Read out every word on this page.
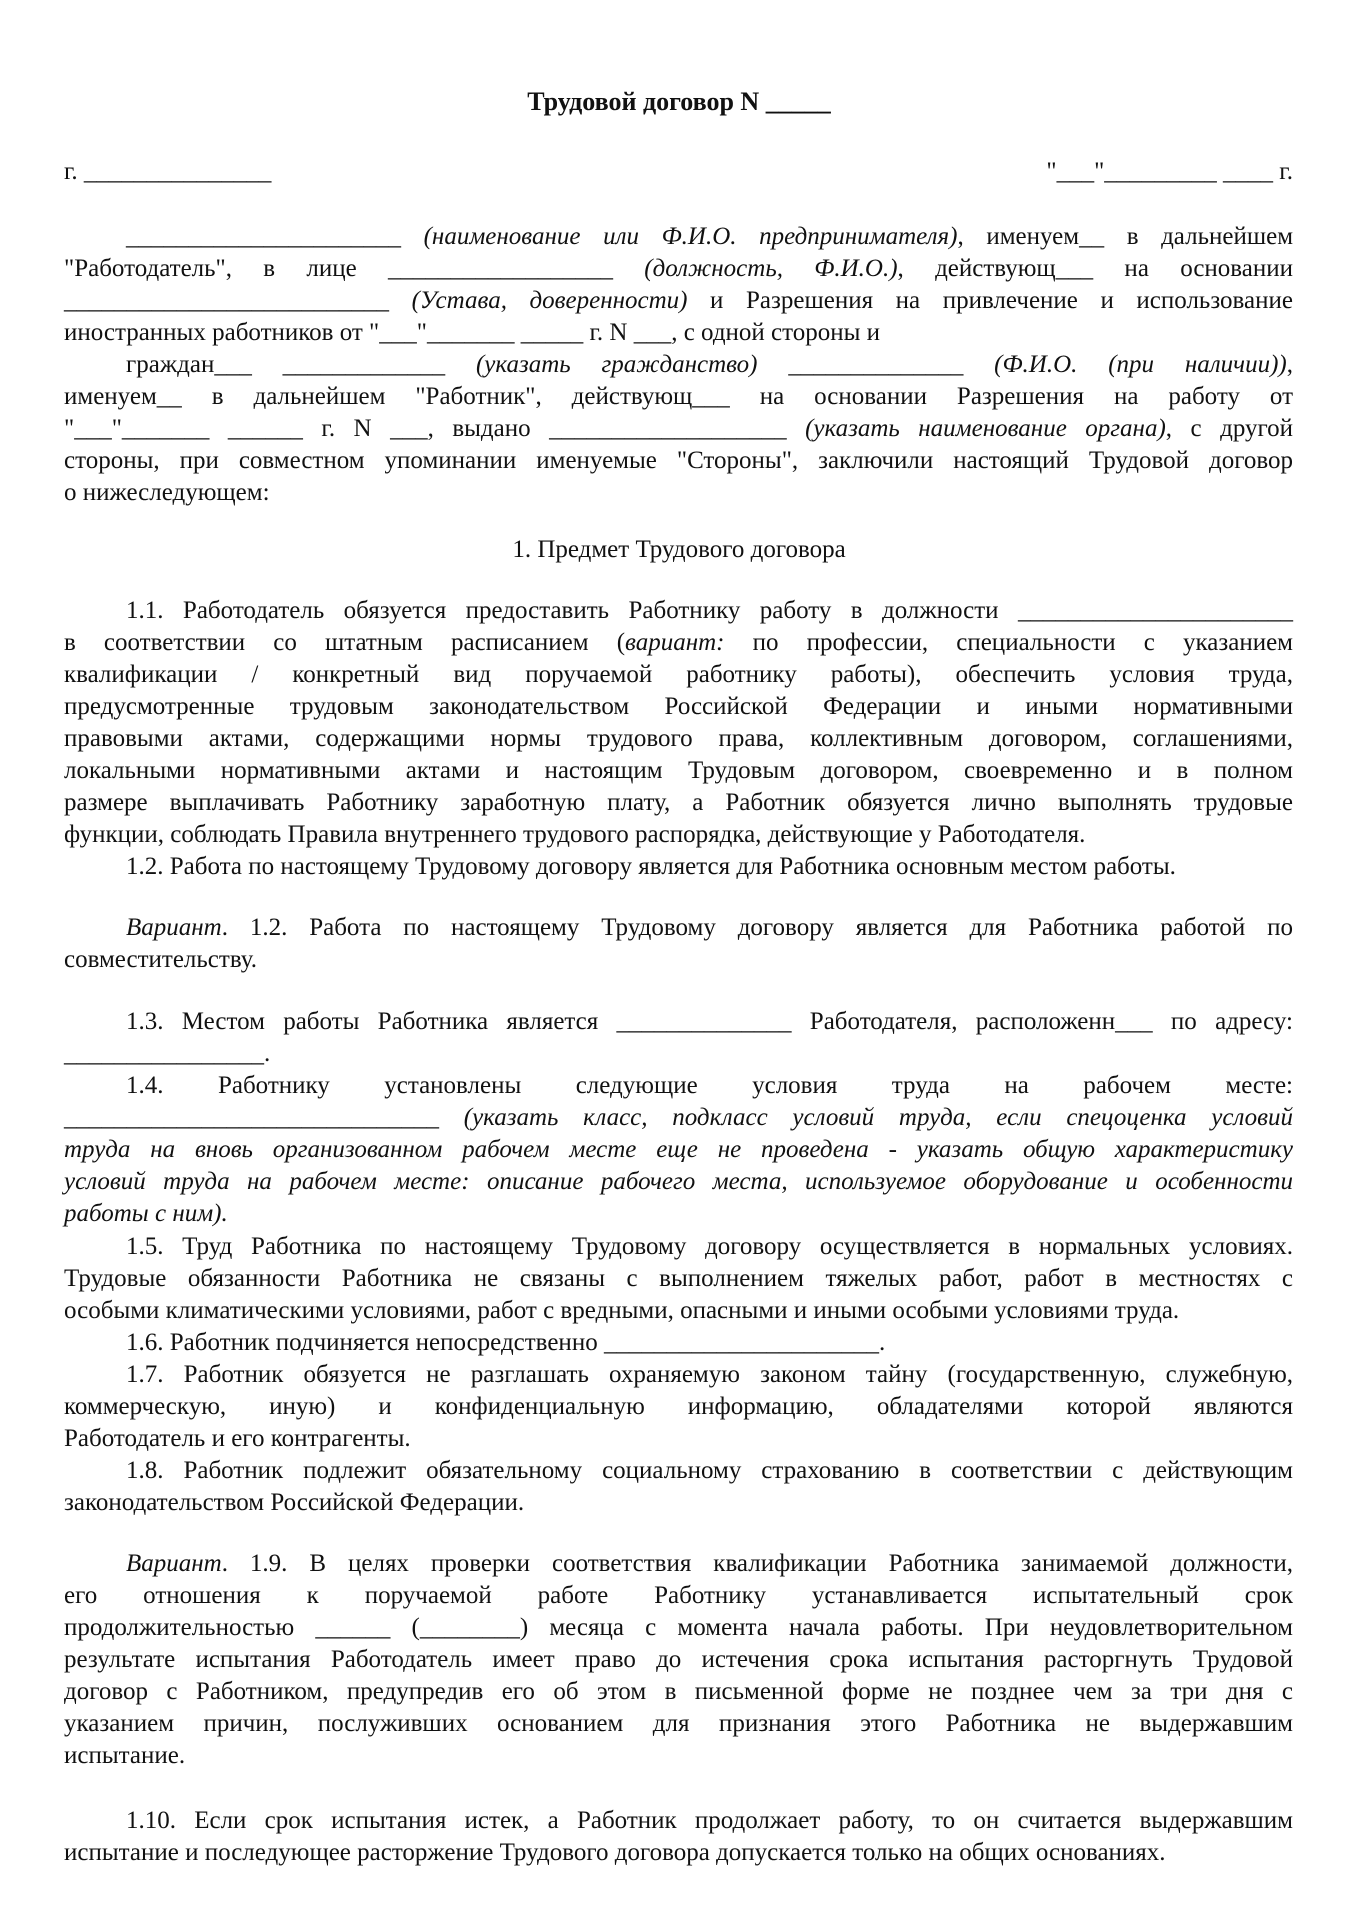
Трудовой договор N _____
г. _______________	"___"_________ ____ г.
______________________ (наименование или Ф.И.О. предпринимателя), именуем__ в дальнейшем
"Работодатель", в лице __________________ (должность, Ф.И.О.), действующ___ на основании
__________________________ (Устава, доверенности) и Разрешения на привлечение и использование
иностранных работников от "___"_______ _____ г. N ___, с одной стороны и
граждан___ _____________ (указать гражданство) ______________ (Ф.И.О. (при наличии)),
именуем__ в дальнейшем "Работник", действующ___ на основании Разрешения на работу от
"___"_______ ______ г. N ___, выдано ___________________ (указать наименование органа), с другой
стороны, при совместном упоминании именуемые "Стороны", заключили настоящий Трудовой договор
о нижеследующем:
1. Предмет Трудового договора
1.1. Работодатель обязуется предоставить Работнику работу в должности ______________________
в соответствии со штатным расписанием (вариант: по профессии, специальности с указанием
квалификации / конкретный вид поручаемой работнику работы), обеспечить условия труда,
предусмотренные трудовым законодательством Российской Федерации и иными нормативными
правовыми актами, содержащими нормы трудового права, коллективным договором, соглашениями,
локальными нормативными актами и настоящим Трудовым договором, своевременно и в полном
размере выплачивать Работнику заработную плату, а Работник обязуется лично выполнять трудовые
функции, соблюдать Правила внутреннего трудового распорядка, действующие у Работодателя.
1.2. Работа по настоящему Трудовому договору является для Работника основным местом работы.
Вариант. 1.2. Работа по настоящему Трудовому договору является для Работника работой по
совместительству.
1.3. Местом работы Работника является ______________ Работодателя, расположенн___ по адресу:
________________.
1.4. Работнику установлены следующие условия труда на рабочем месте:
______________________________ (указать класс, подкласс условий труда, если спецоценка условий
труда на вновь организованном рабочем месте еще не проведена - указать общую характеристику
условий труда на рабочем месте: описание рабочего места, используемое оборудование и особенности
работы с ним).
1.5. Труд Работника по настоящему Трудовому договору осуществляется в нормальных условиях.
Трудовые обязанности Работника не связаны с выполнением тяжелых работ, работ в местностях с
особыми климатическими условиями, работ с вредными, опасными и иными особыми условиями труда.
1.6. Работник подчиняется непосредственно ______________________.
1.7. Работник обязуется не разглашать охраняемую законом тайну (государственную, служебную,
коммерческую, иную) и конфиденциальную информацию, обладателями которой являются
Работодатель и его контрагенты.
1.8. Работник подлежит обязательному социальному страхованию в соответствии с действующим
законодательством Российской Федерации.
Вариант. 1.9. В целях проверки соответствия квалификации Работника занимаемой должности,
его отношения к поручаемой работе Работнику устанавливается испытательный срок
продолжительностью ______ (________) месяца с момента начала работы. При неудовлетворительном
результате испытания Работодатель имеет право до истечения срока испытания расторгнуть Трудовой
договор с Работником, предупредив его об этом в письменной форме не позднее чем за три дня с
указанием причин, послуживших основанием для признания этого Работника не выдержавшим
испытание.
1.10. Если срок испытания истек, а Работник продолжает работу, то он считается выдержавшим
испытание и последующее расторжение Трудового договора допускается только на общих основаниях.
